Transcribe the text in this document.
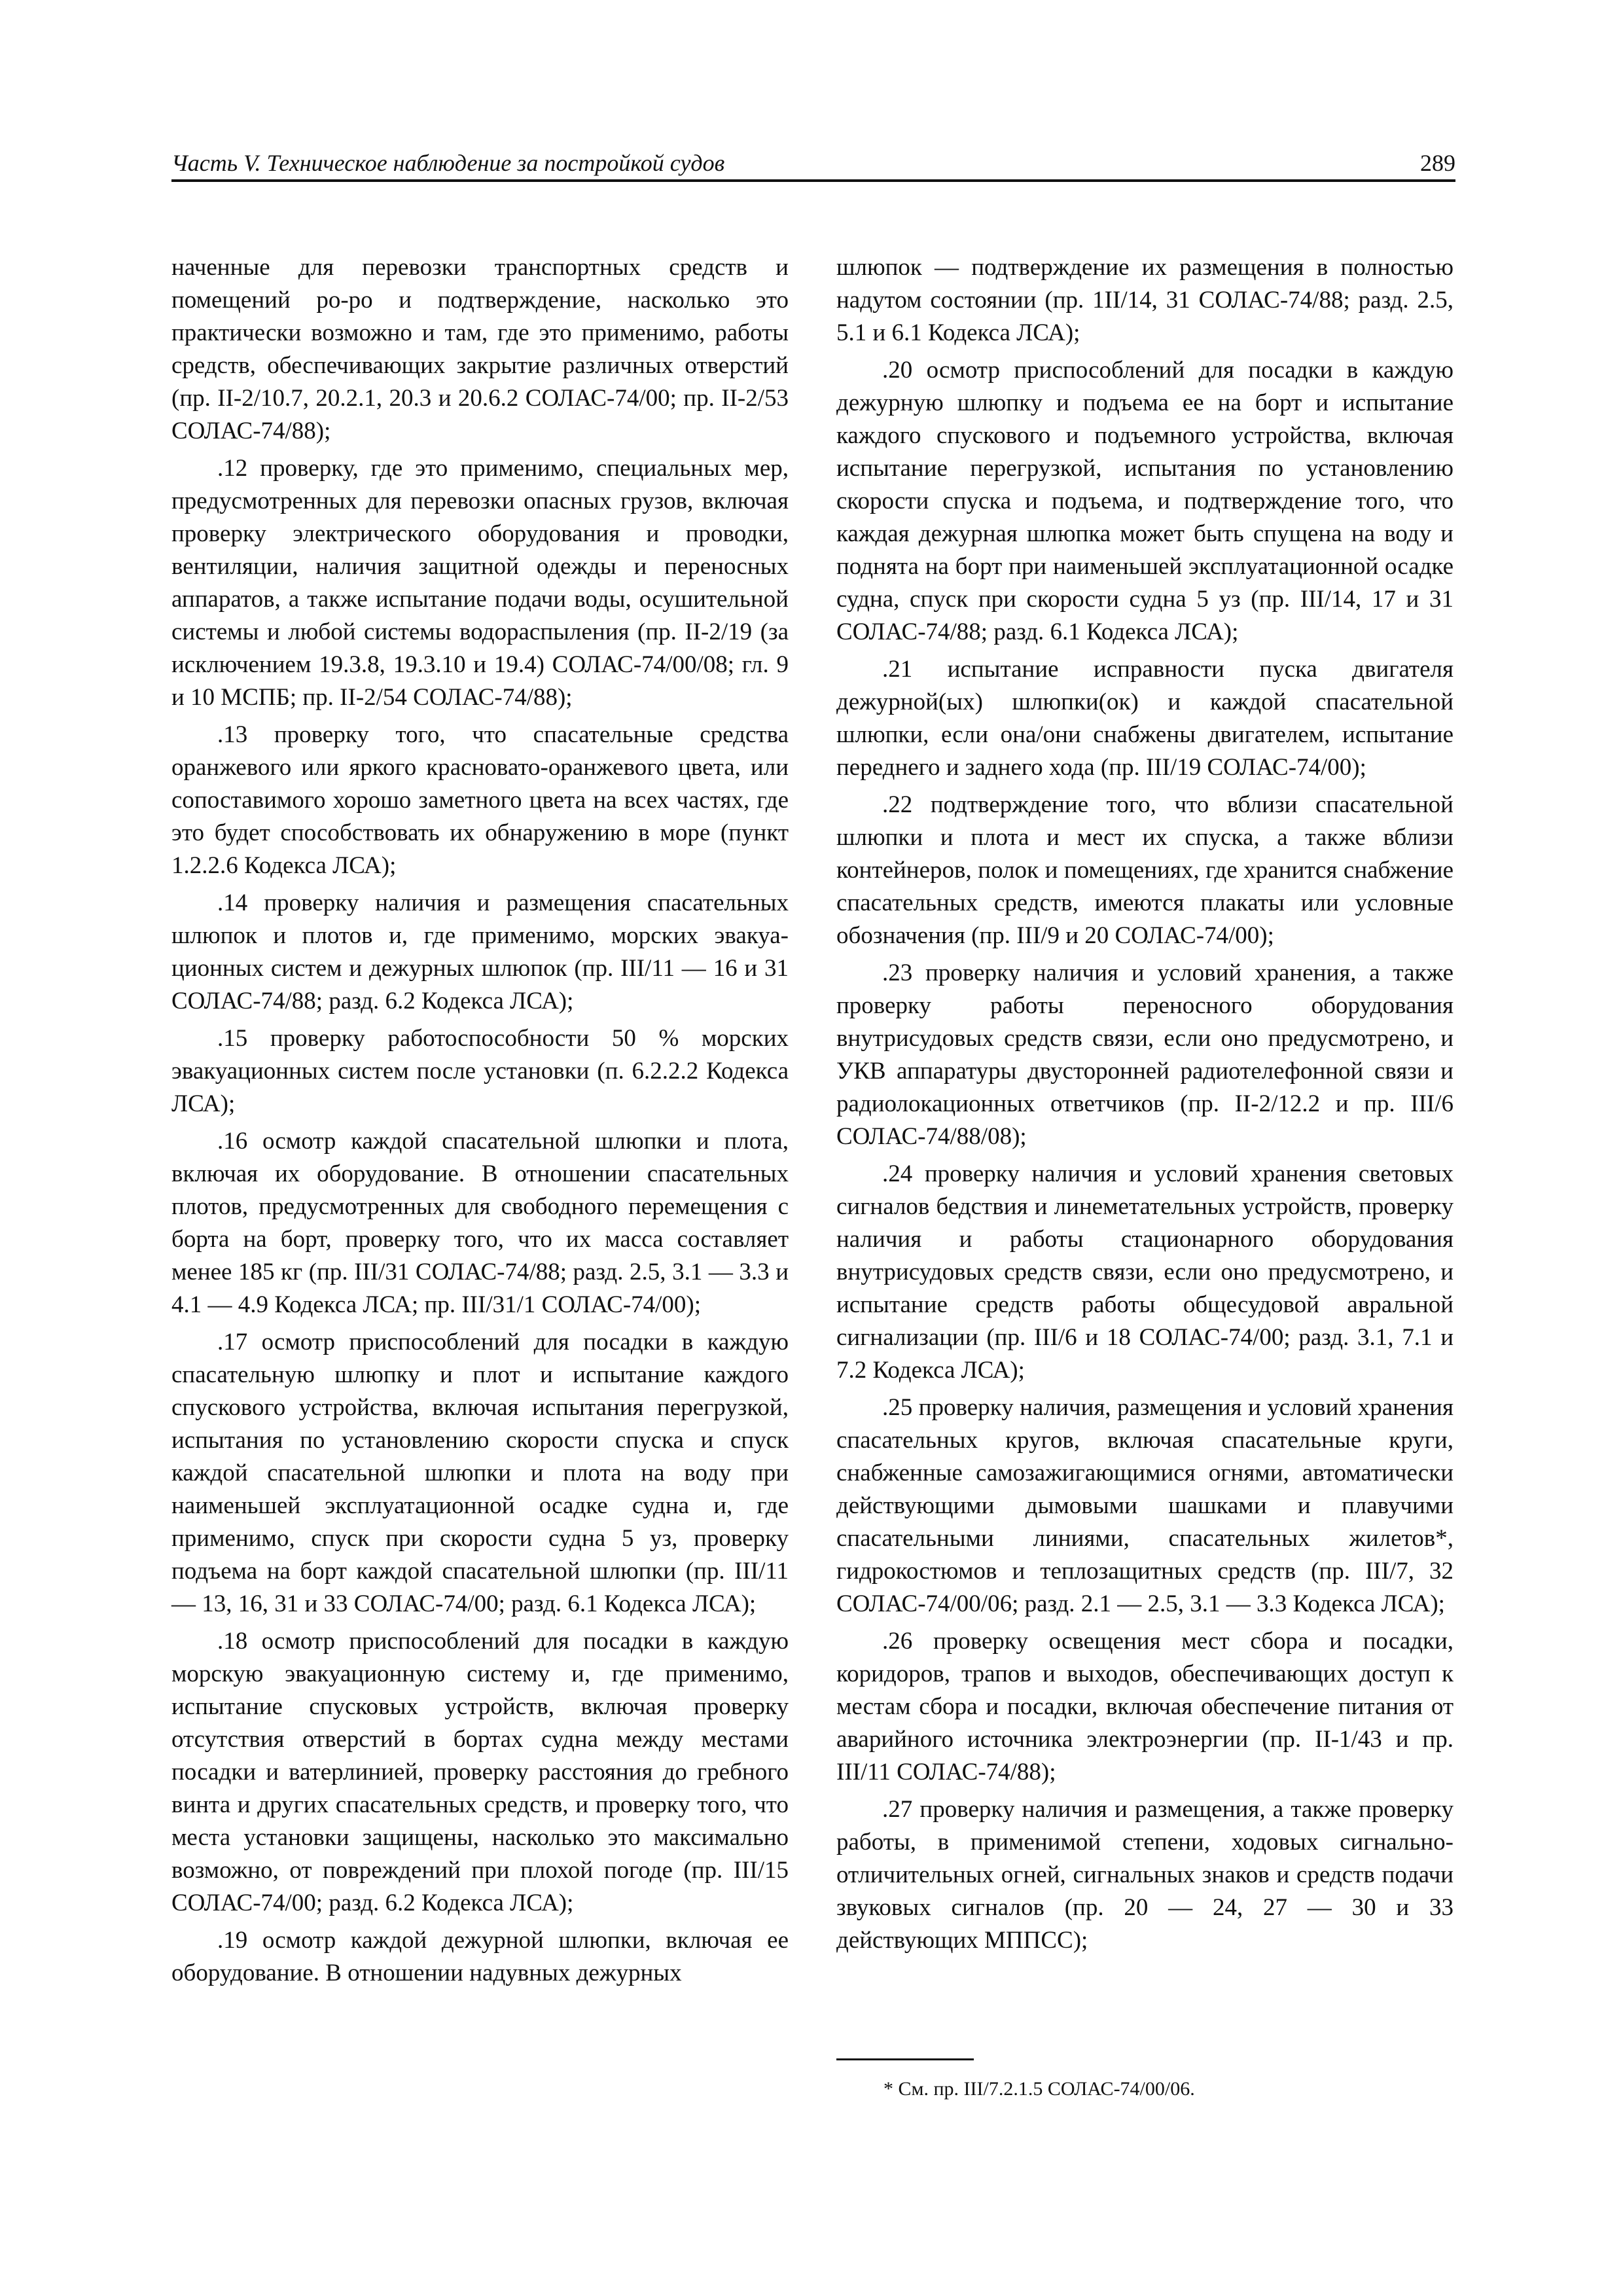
Часть V. Техническое наблюдение за постройкой судов	289

наченные для перевозки транспортных средств и помещений ро-ро и подтверждение, насколько это практически возможно и там, где это применимо, работы средств, обеспечивающих закрытие различных отверстий (пр. II-2/10.7, 20.2.1, 20.3 и 20.6.2 СОЛАС-74/00; пр. II-2/53 СОЛАС-74/88);

.12 проверку, где это применимо, специальных мер, предусмотренных для перевозки опасных грузов, включая проверку электрического оборудования и проводки, вентиляции, наличия защитной одежды и переносных аппаратов, а также испытание подачи воды, осушительной системы и любой системы водораспыления (пр. II-2/19 (за исключением 19.3.8, 19.3.10 и 19.4) СОЛАС-74/00/08; гл. 9 и 10 МСПБ; пр. II-2/54 СОЛАС-74/88);

.13 проверку того, что спасательные средства оранжевого или яркого красновато-оранжевого цвета, или сопоставимого хорошо заметного цвета на всех частях, где это будет способствовать их обнаружению в море (пункт 1.2.2.6 Кодекса ЛСА);

.14 проверку наличия и размещения спасательных шлюпок и плотов и, где применимо, морских эвакуационных систем и дежурных шлюпок (пр. III/11 — 16 и 31 СОЛАС-74/88; разд. 6.2 Кодекса ЛСА);

.15 проверку работоспособности 50 % морских эвакуационных систем после установки (п. 6.2.2.2 Кодекса ЛСА);

.16 осмотр каждой спасательной шлюпки и плота, включая их оборудование. В отношении спасательных плотов, предусмотренных для свободного перемещения с борта на борт, проверку того, что их масса составляет менее 185 кг (пр. III/31 СОЛАС-74/88; разд. 2.5, 3.1 — 3.3 и 4.1 — 4.9 Кодекса ЛСА; пр. III/31/1 СОЛАС-74/00);

.17 осмотр приспособлений для посадки в каждую спасательную шлюпку и плот и испытание каждого спускового устройства, включая испытания перегрузкой, испытания по установлению скорости спуска и спуск каждой спасательной шлюпки и плота на воду при наименьшей эксплуатационной осадке судна и, где применимо, спуск при скорости судна 5 уз, проверку подъема на борт каждой спасательной шлюпки (пр. III/11 — 13, 16, 31 и 33 СОЛАС-74/00; разд. 6.1 Кодекса ЛСА);

.18 осмотр приспособлений для посадки в каждую морскую эвакуационную систему и, где применимо, испытание спусковых устройств, включая проверку отсутствия отверстий в бортах судна между местами посадки и ватерлинией, проверку расстояния до гребного винта и других спасательных средств, и проверку того, что места установки защищены, насколько это максимально возможно, от повреждений при плохой погоде (пр. III/15 СОЛАС-74/00; разд. 6.2 Кодекса ЛСА);

.19 осмотр каждой дежурной шлюпки, включая ее оборудование. В отношении надувных дежурных

шлюпок — подтверждение их размещения в полностью надутом состоянии (пр. 1II/14, 31 СОЛАС-74/88; разд. 2.5, 5.1 и 6.1 Кодекса ЛСА);

.20 осмотр приспособлений для посадки в каждую дежурную шлюпку и подъема ее на борт и испытание каждого спускового и подъемного устройства, включая испытание перегрузкой, испытания по установлению скорости спуска и подъема, и подтверждение того, что каждая дежурная шлюпка может быть спущена на воду и поднята на борт при наименьшей эксплуатационной осадке судна, спуск при скорости судна 5 уз (пр. III/14, 17 и 31 СОЛАС-74/88; разд. 6.1 Кодекса ЛСА);

.21 испытание исправности пуска двигателя дежурной(ых) шлюпки(ок) и каждой спасательной шлюпки, если она/они снабжены двигателем, испытание переднего и заднего хода (пр. III/19 СОЛАС-74/00);

.22 подтверждение того, что вблизи спасательной шлюпки и плота и мест их спуска, а также вблизи контейнеров, полок и помещениях, где хранится снабжение спасательных средств, имеются плакаты или условные обозначения (пр. III/9 и 20 СОЛАС-74/00);

.23 проверку наличия и условий хранения, а также проверку работы переносного оборудования внутрисудовых средств связи, если оно предусмотрено, и УКВ аппаратуры двусторонней радиотелефонной связи и радиолокационных ответчиков (пр. II-2/12.2 и пр. III/6 СОЛАС-74/88/08);

.24 проверку наличия и условий хранения световых сигналов бедствия и линеметательных устройств, проверку наличия и работы стационарного оборудования внутрисудовых средств связи, если оно предусмотрено, и испытание средств работы общесудовой авральной сигнализации (пр. III/6 и 18 СОЛАС-74/00; разд. 3.1, 7.1 и 7.2 Кодекса ЛСА);

.25 проверку наличия, размещения и условий хранения спасательных кругов, включая спасательные круги, снабженные самозажигающимися огнями, автоматически действующими дымовыми шашками и плавучими спасательными линиями, спасательных жилетов*, гидрокостюмов и теплозащитных средств (пр. III/7, 32 СОЛАС-74/00/06; разд. 2.1 — 2.5, 3.1 — 3.3 Кодекса ЛСА);

.26 проверку освещения мест сбора и посадки, коридоров, трапов и выходов, обеспечивающих доступ к местам сбора и посадки, включая обеспечение питания от аварийного источника электроэнергии (пр. II-1/43 и пр. III/11 СОЛАС-74/88);

.27 проверку наличия и размещения, а также проверку работы, в применимой степени, ходовых сигнально-отличительных огней, сигнальных знаков и средств подачи звуковых сигналов (пр. 20 — 24, 27 — 30 и 33 действующих МППСС);

* См. пр. III/7.2.1.5 СОЛАС-74/00/06.
